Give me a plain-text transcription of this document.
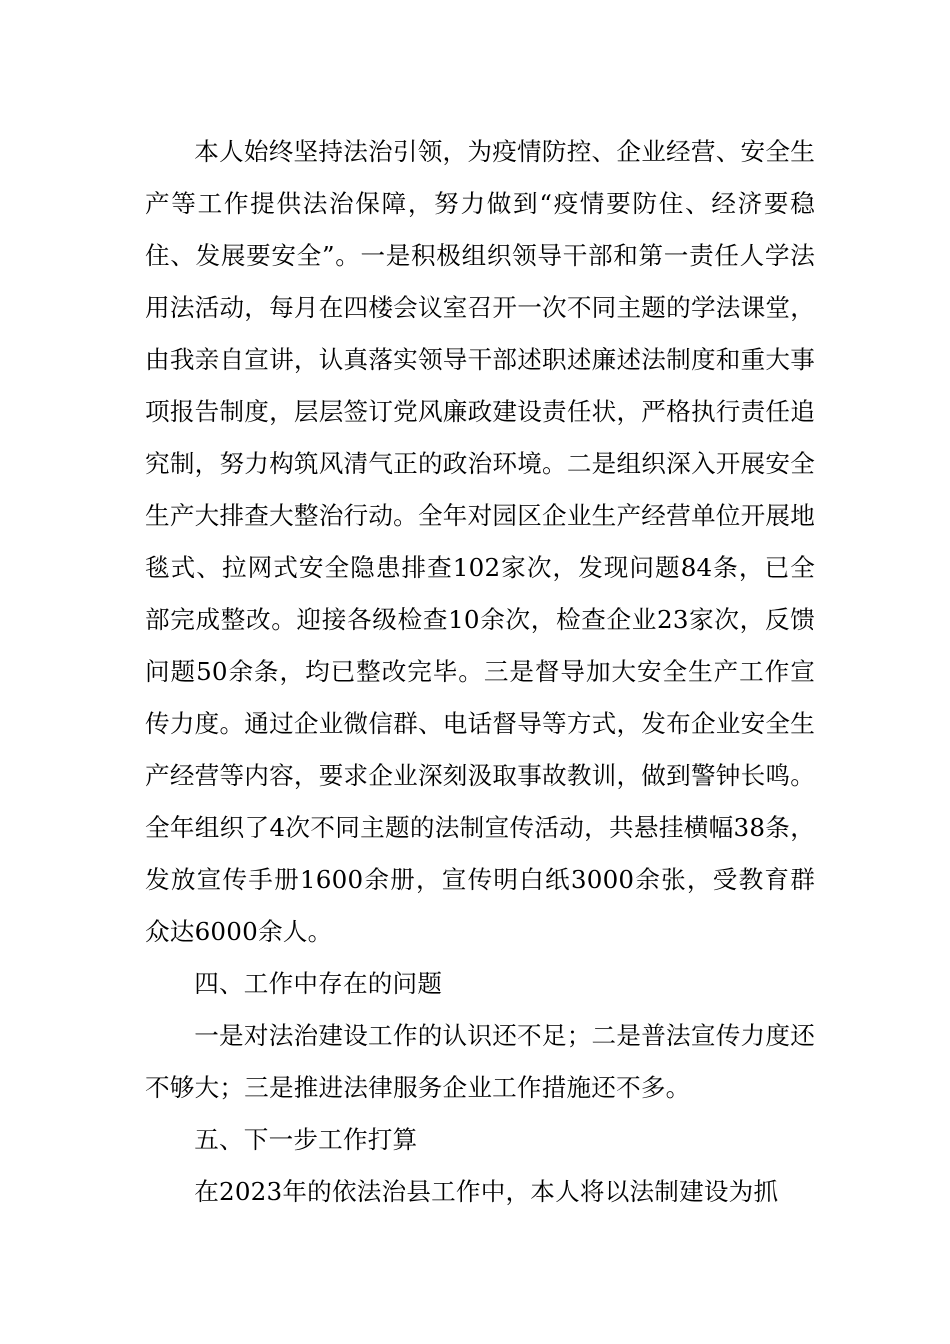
本人始终坚持法治引领，为疫情防控、企业经营、安全生产等工作提供法治保障，努力做到“疫情要防住、经济要稳住、发展要安全”。一是积极组织领导干部和第一责任人学法用法活动，每月在四楼会议室召开一次不同主题的学法课堂，由我亲自宣讲，认真落实领导干部述职述廉述法制度和重大事项报告制度，层层签订党风廉政建设责任状，严格执行责任追究制，努力构筑风清气正的政治环境。二是组织深入开展安全生产大排查大整治行动。全年对园区企业生产经营单位开展地毯式、拉网式安全隐患排查102家次，发现问题84条，已全部完成整改。迎接各级检查10余次，检查企业23家次，反馈问题50余条，均已整改完毕。三是督导加大安全生产工作宣传力度。通过企业微信群、电话督导等方式，发布企业安全生产经营等内容，要求企业深刻汲取事故教训，做到警钟长鸣。全年组织了4次不同主题的法制宣传活动，共悬挂横幅38条，发放宣传手册1600余册，宣传明白纸3000余张，受教育群众达6000余人。

四、工作中存在的问题

一是对法治建设工作的认识还不足；二是普法宣传力度还不够大；三是推进法律服务企业工作措施还不多。

五、下一步工作打算

在2023年的依法治县工作中，本人将以法制建设为抓
